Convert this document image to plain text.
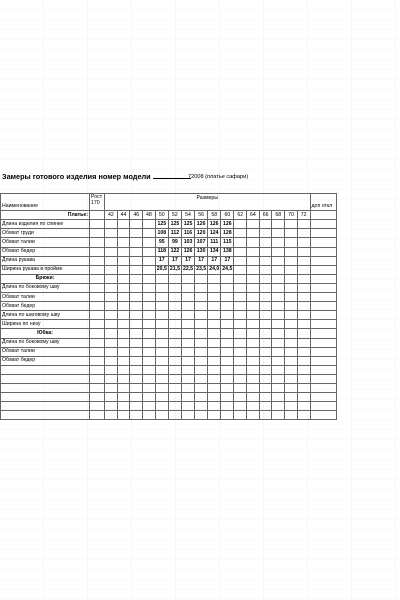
Замеры готового изделия номер модели	72008 (платье сафари)

	Рост
170	Размеры																
Наименование																		доп откл
Платье:		42	44	46	48	50	52	54	56	58	60	62	64	66	68	70	72	
Длина изделия по спинке						125	125	125	126	126	126							
Обхват груди						108	112	116	120	124	128							
Обхват талии						95	99	103	107	111	115							
Обхват бедер						118	122	126	130	134	138							
Длина рукава						17	17	17	17	17	17							
Ширина рукава в пройме						20,5	21,5	22,5	23,5	24,0	24,5							
Брюки:																		
Длина по боковому шву																		
Обхват талии																		
Обхват бедер																		
Длина по шаговому шву																		
Ширина по низу																		
Юбка:																		
Длина по боковому шву																		
Обхват талии																		
Обхват бедер																		
